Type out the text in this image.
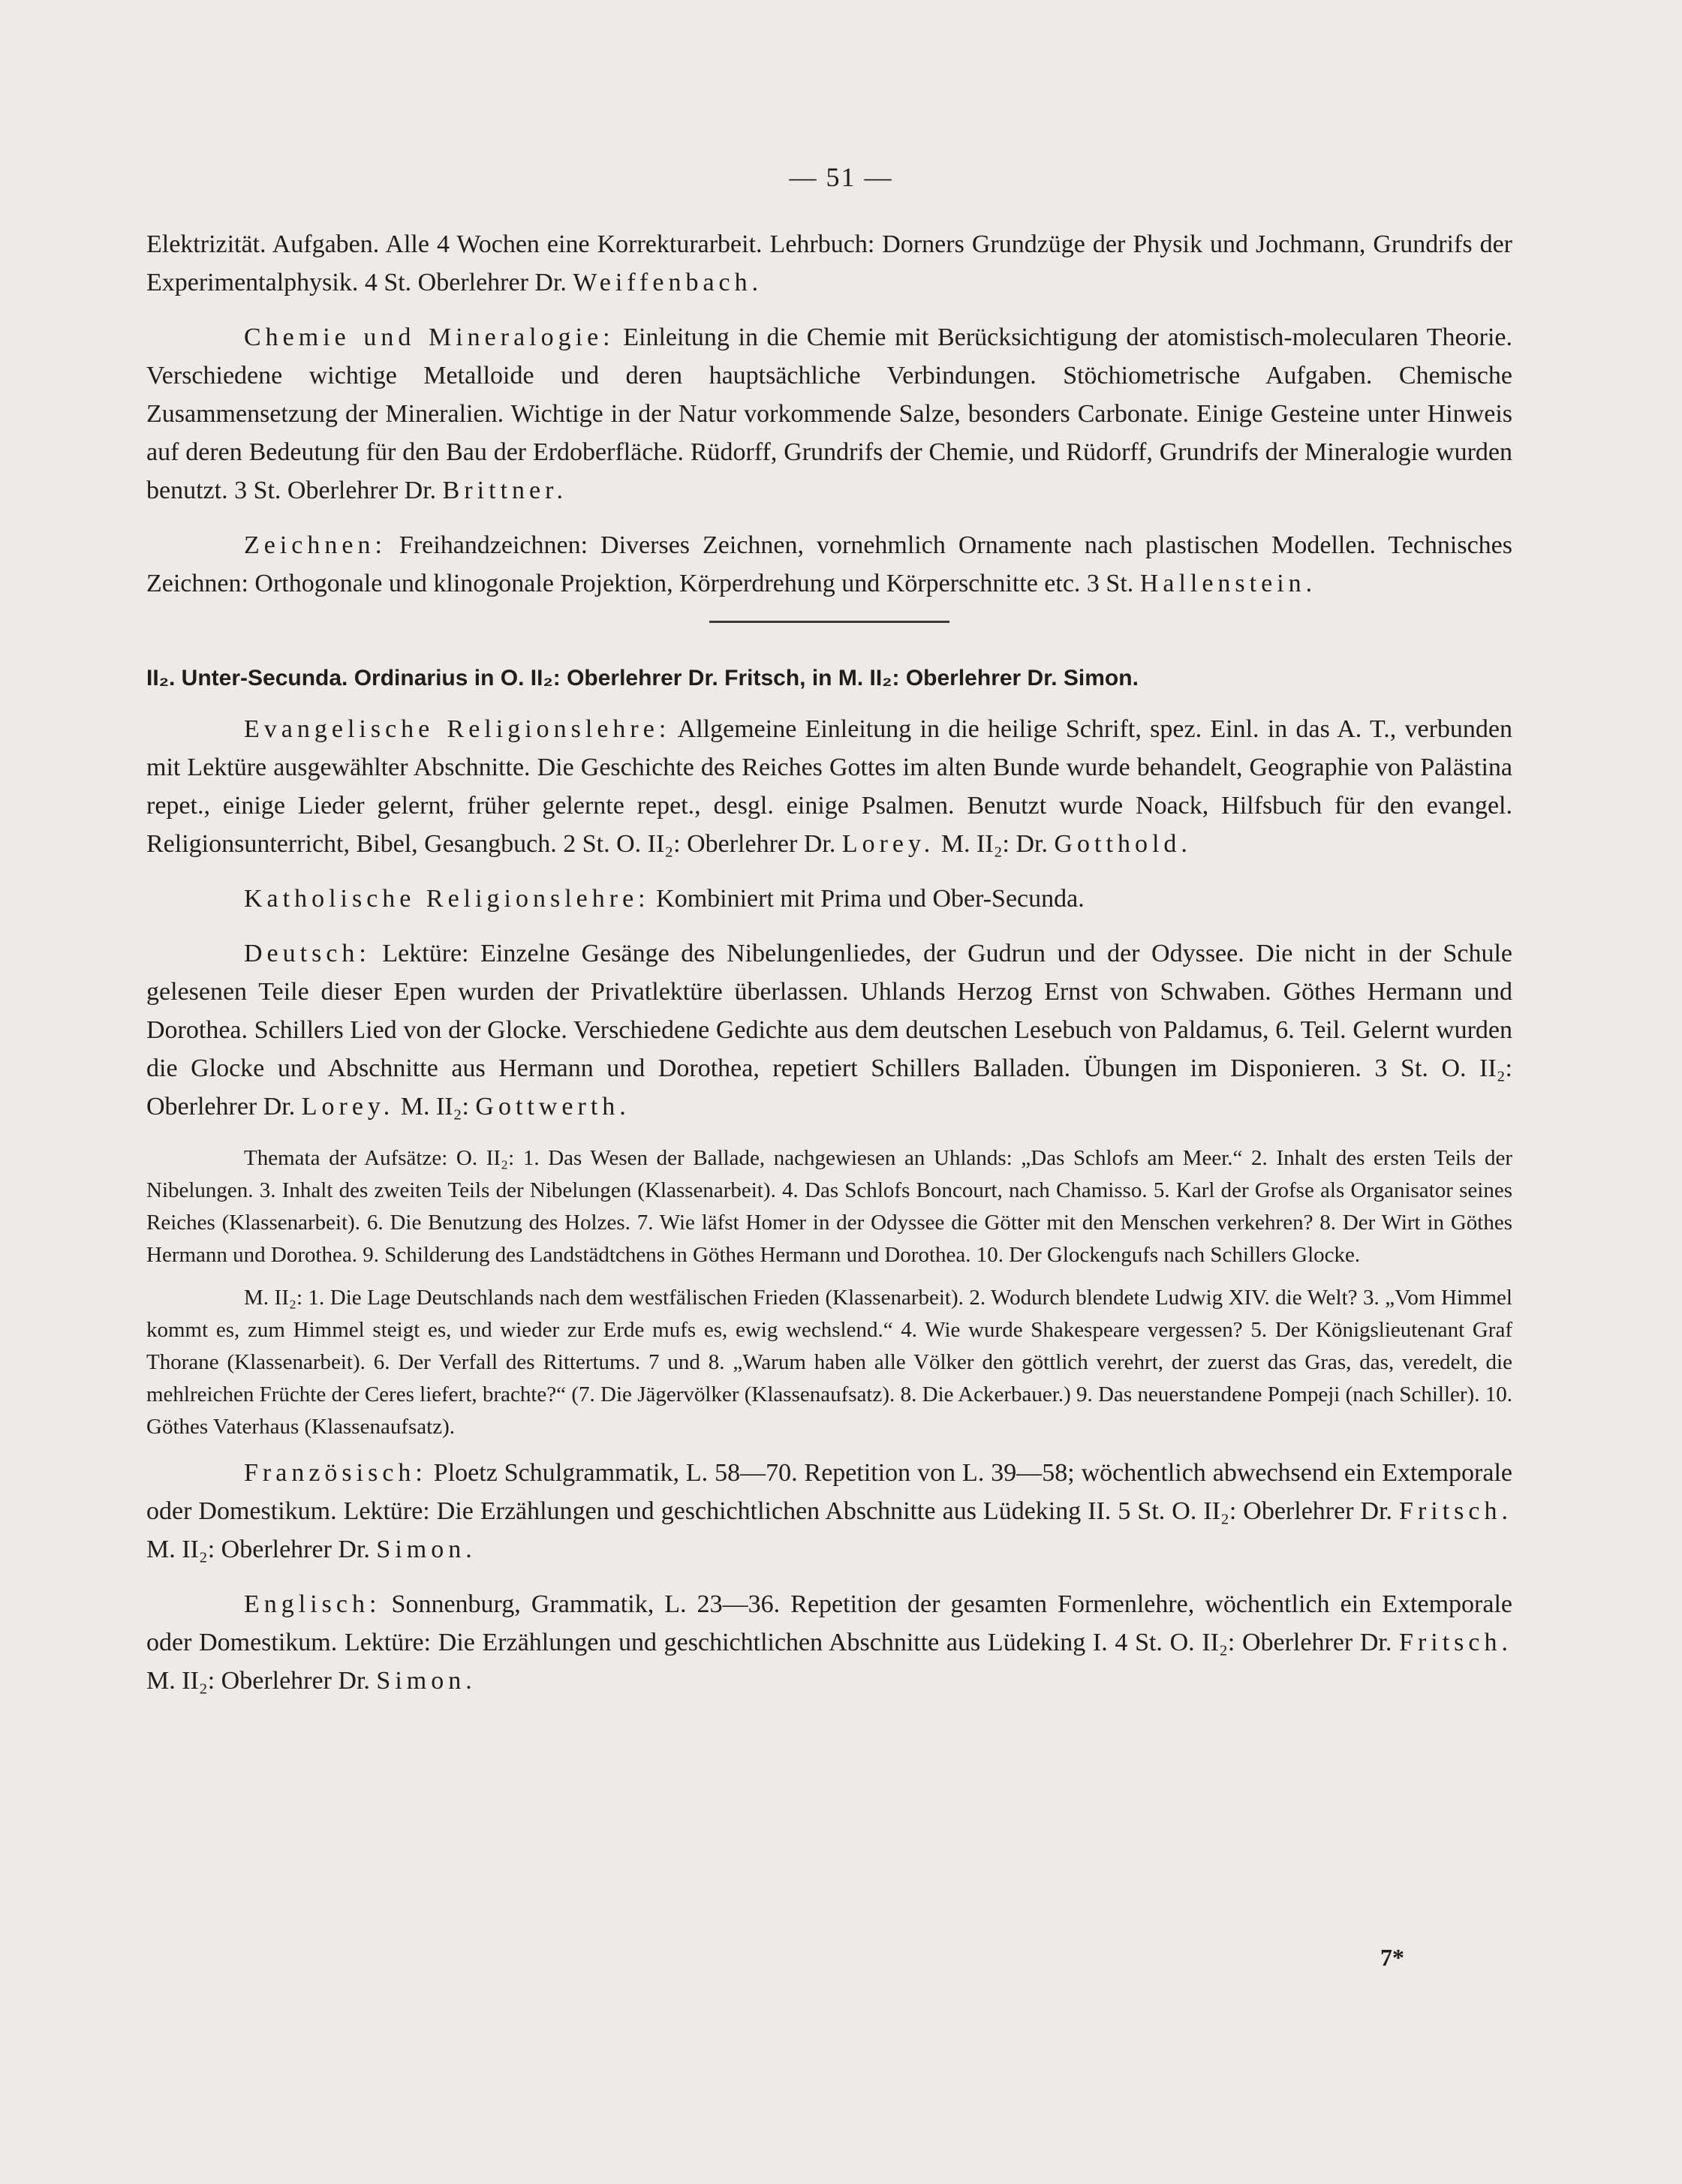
— 51 —

Elektrizität. Aufgaben. Alle 4 Wochen eine Korrekturarbeit. Lehrbuch: Dorners Grundzüge der Physik und Jochmann, Grundrifs der Experimentalphysik. 4 St. Oberlehrer Dr. Weiffenbach.

Chemie und Mineralogie: Einleitung in die Chemie mit Berücksichtigung der atomistisch-molecularen Theorie. Verschiedene wichtige Metalloide und deren hauptsächliche Verbindungen. Stöchiometrische Aufgaben. Chemische Zusammensetzung der Mineralien. Wichtige in der Natur vorkommende Salze, besonders Carbonate. Einige Gesteine unter Hinweis auf deren Bedeutung für den Bau der Erdoberfläche. Rüdorff, Grundrifs der Chemie, und Rüdorff, Grundrifs der Mineralogie wurden benutzt. 3 St. Oberlehrer Dr. Brittner.

Zeichnen: Freihandzeichnen: Diverses Zeichnen, vornehmlich Ornamente nach plastischen Modellen. Technisches Zeichnen: Orthogonale und klinogonale Projektion, Körperdrehung und Körperschnitte etc. 3 St. Hallenstein.

II₂. Unter-Secunda. Ordinarius in O. II₂: Oberlehrer Dr. Fritsch, in M. II₂: Oberlehrer Dr. Simon.

Evangelische Religionslehre: Allgemeine Einleitung in die heilige Schrift, spez. Einl. in das A. T., verbunden mit Lektüre ausgewählter Abschnitte. Die Geschichte des Reiches Gottes im alten Bunde wurde behandelt, Geographie von Palästina repet., einige Lieder gelernt, früher gelernte repet., desgl. einige Psalmen. Benutzt wurde Noack, Hilfsbuch für den evangel. Religionsunterricht, Bibel, Gesangbuch. 2 St. O. II₂: Oberlehrer Dr. Lorey. M. II₂: Dr. Gotthold.

Katholische Religionslehre: Kombiniert mit Prima und Ober-Secunda.

Deutsch: Lektüre: Einzelne Gesänge des Nibelungenliedes, der Gudrun und der Odyssee. Die nicht in der Schule gelesenen Teile dieser Epen wurden der Privatlektüre überlassen. Uhlands Herzog Ernst von Schwaben. Göthes Hermann und Dorothea. Schillers Lied von der Glocke. Verschiedene Gedichte aus dem deutschen Lesebuch von Paldamus, 6. Teil. Gelernt wurden die Glocke und Abschnitte aus Hermann und Dorothea, repetiert Schillers Balladen. Übungen im Disponieren. 3 St. O. II₂: Oberlehrer Dr. Lorey. M. II₂: Gottwerth.

Themata der Aufsätze: O. II₂: 1. Das Wesen der Ballade, nachgewiesen an Uhlands: „Das Schlofs am Meer.“ 2. Inhalt des ersten Teils der Nibelungen. 3. Inhalt des zweiten Teils der Nibelungen (Klassenarbeit). 4. Das Schlofs Boncourt, nach Chamisso. 5. Karl der Grofse als Organisator seines Reiches (Klassenarbeit). 6. Die Benutzung des Holzes. 7. Wie läfst Homer in der Odyssee die Götter mit den Menschen verkehren? 8. Der Wirt in Göthes Hermann und Dorothea. 9. Schilderung des Landstädtchens in Göthes Hermann und Dorothea. 10. Der Glockengufs nach Schillers Glocke.

M. II₂: 1. Die Lage Deutschlands nach dem westfälischen Frieden (Klassenarbeit). 2. Wodurch blendete Ludwig XIV. die Welt? 3. „Vom Himmel kommt es, zum Himmel steigt es, und wieder zur Erde mufs es, ewig wechslend.“ 4. Wie wurde Shakespeare vergessen? 5. Der Königslieutenant Graf Thorane (Klassenarbeit). 6. Der Verfall des Rittertums. 7 und 8. „Warum haben alle Völker den göttlich verehrt, der zuerst das Gras, das, veredelt, die mehlreichen Früchte der Ceres liefert, brachte?“ (7. Die Jägervölker (Klassenaufsatz). 8. Die Ackerbauer.) 9. Das neuerstandene Pompeji (nach Schiller). 10. Göthes Vaterhaus (Klassenaufsatz).

Französisch: Ploetz Schulgrammatik, L. 58—70. Repetition von L. 39—58; wöchentlich abwechsend ein Extemporale oder Domestikum. Lektüre: Die Erzählungen und geschichtlichen Abschnitte aus Lüdeking II. 5 St. O. II₂: Oberlehrer Dr. Fritsch. M. II₂: Oberlehrer Dr. Simon.

Englisch: Sonnenburg, Grammatik, L. 23—36. Repetition der gesamten Formenlehre, wöchentlich ein Extemporale oder Domestikum. Lektüre: Die Erzählungen und geschichtlichen Abschnitte aus Lüdeking I. 4 St. O. II₂: Oberlehrer Dr. Fritsch. M. II₂: Oberlehrer Dr. Simon.

7*
